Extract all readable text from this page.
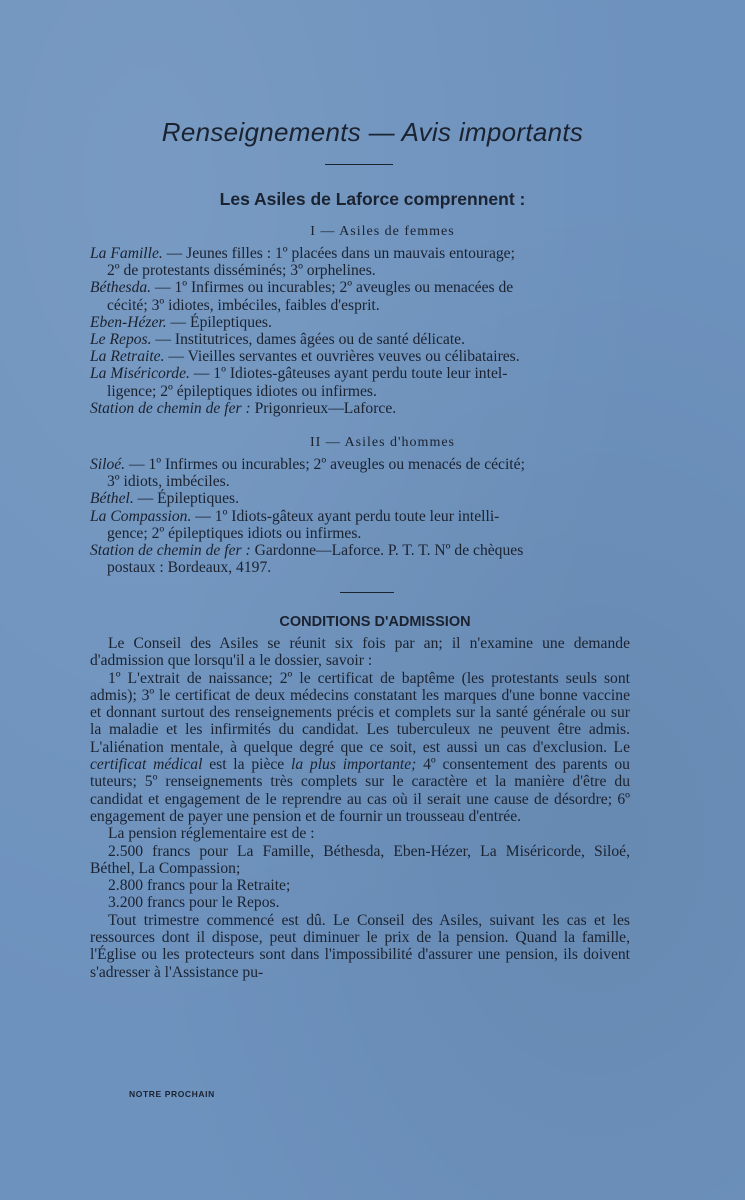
Renseignements — Avis importants
Les Asiles de Laforce comprennent :
I — Asiles de femmes
La Famille. — Jeunes filles : 1º placées dans un mauvais entourage;
2º de protestants disséminés; 3º orphelines.
Béthesda. — 1º Infirmes ou incurables; 2º aveugles ou menacées de
cécité; 3º idiotes, imbéciles, faibles d'esprit.
Eben-Hézer. — Épileptiques.
Le Repos. — Institutrices, dames âgées ou de santé délicate.
La Retraite. — Vieilles servantes et ouvrières veuves ou célibataires.
La Miséricorde. — 1º Idiotes-gâteuses ayant perdu toute leur intel-
ligence; 2º épileptiques idiotes ou infirmes.
Station de chemin de fer : Prigonrieux—Laforce.
II — Asiles d'hommes
Siloé. — 1º Infirmes ou incurables; 2º aveugles ou menacés de cécité;
3º idiots, imbéciles.
Béthel. — Épileptiques.
La Compassion. — 1º Idiots-gâteux ayant perdu toute leur intelli-
gence; 2º épileptiques idiots ou infirmes.
Station de chemin de fer : Gardonne—Laforce. P. T. T. Nº de chèques
postaux : Bordeaux, 4197.
CONDITIONS D'ADMISSION

Le Conseil des Asiles se réunit six fois par an; il n'examine une demande d'admission que lorsqu'il a le dossier, savoir :

1º L'extrait de naissance; 2º le certificat de baptême (les protestants seuls sont admis); 3º le certificat de deux médecins constatant les marques d'une bonne vaccine et donnant surtout des renseignements précis et complets sur la santé générale ou sur la maladie et les infirmités du candidat. Les tuberculeux ne peuvent être admis. L'aliénation mentale, à quelque degré que ce soit, est aussi un cas d'exclusion. Le certificat médical est la pièce la plus importante; 4º consentement des parents ou tuteurs; 5º renseignements très complets sur le caractère et la manière d'être du candidat et engagement de le reprendre au cas où il serait une cause de désordre; 6º engagement de payer une pension et de fournir un trousseau d'entrée.

La pension réglementaire est de :

2.500 francs pour La Famille, Béthesda, Eben-Hézer, La Miséricorde, Siloé, Béthel, La Compassion;

2.800 francs pour la Retraite;

3.200 francs pour le Repos.

Tout trimestre commencé est dû. Le Conseil des Asiles, suivant les cas et les ressources dont il dispose, peut diminuer le prix de la pension. Quand la famille, l'Église ou les protecteurs sont dans l'impossibilité d'assurer une pension, ils doivent s'adresser à l'Assistance pu-

NOTRE PROCHAIN
